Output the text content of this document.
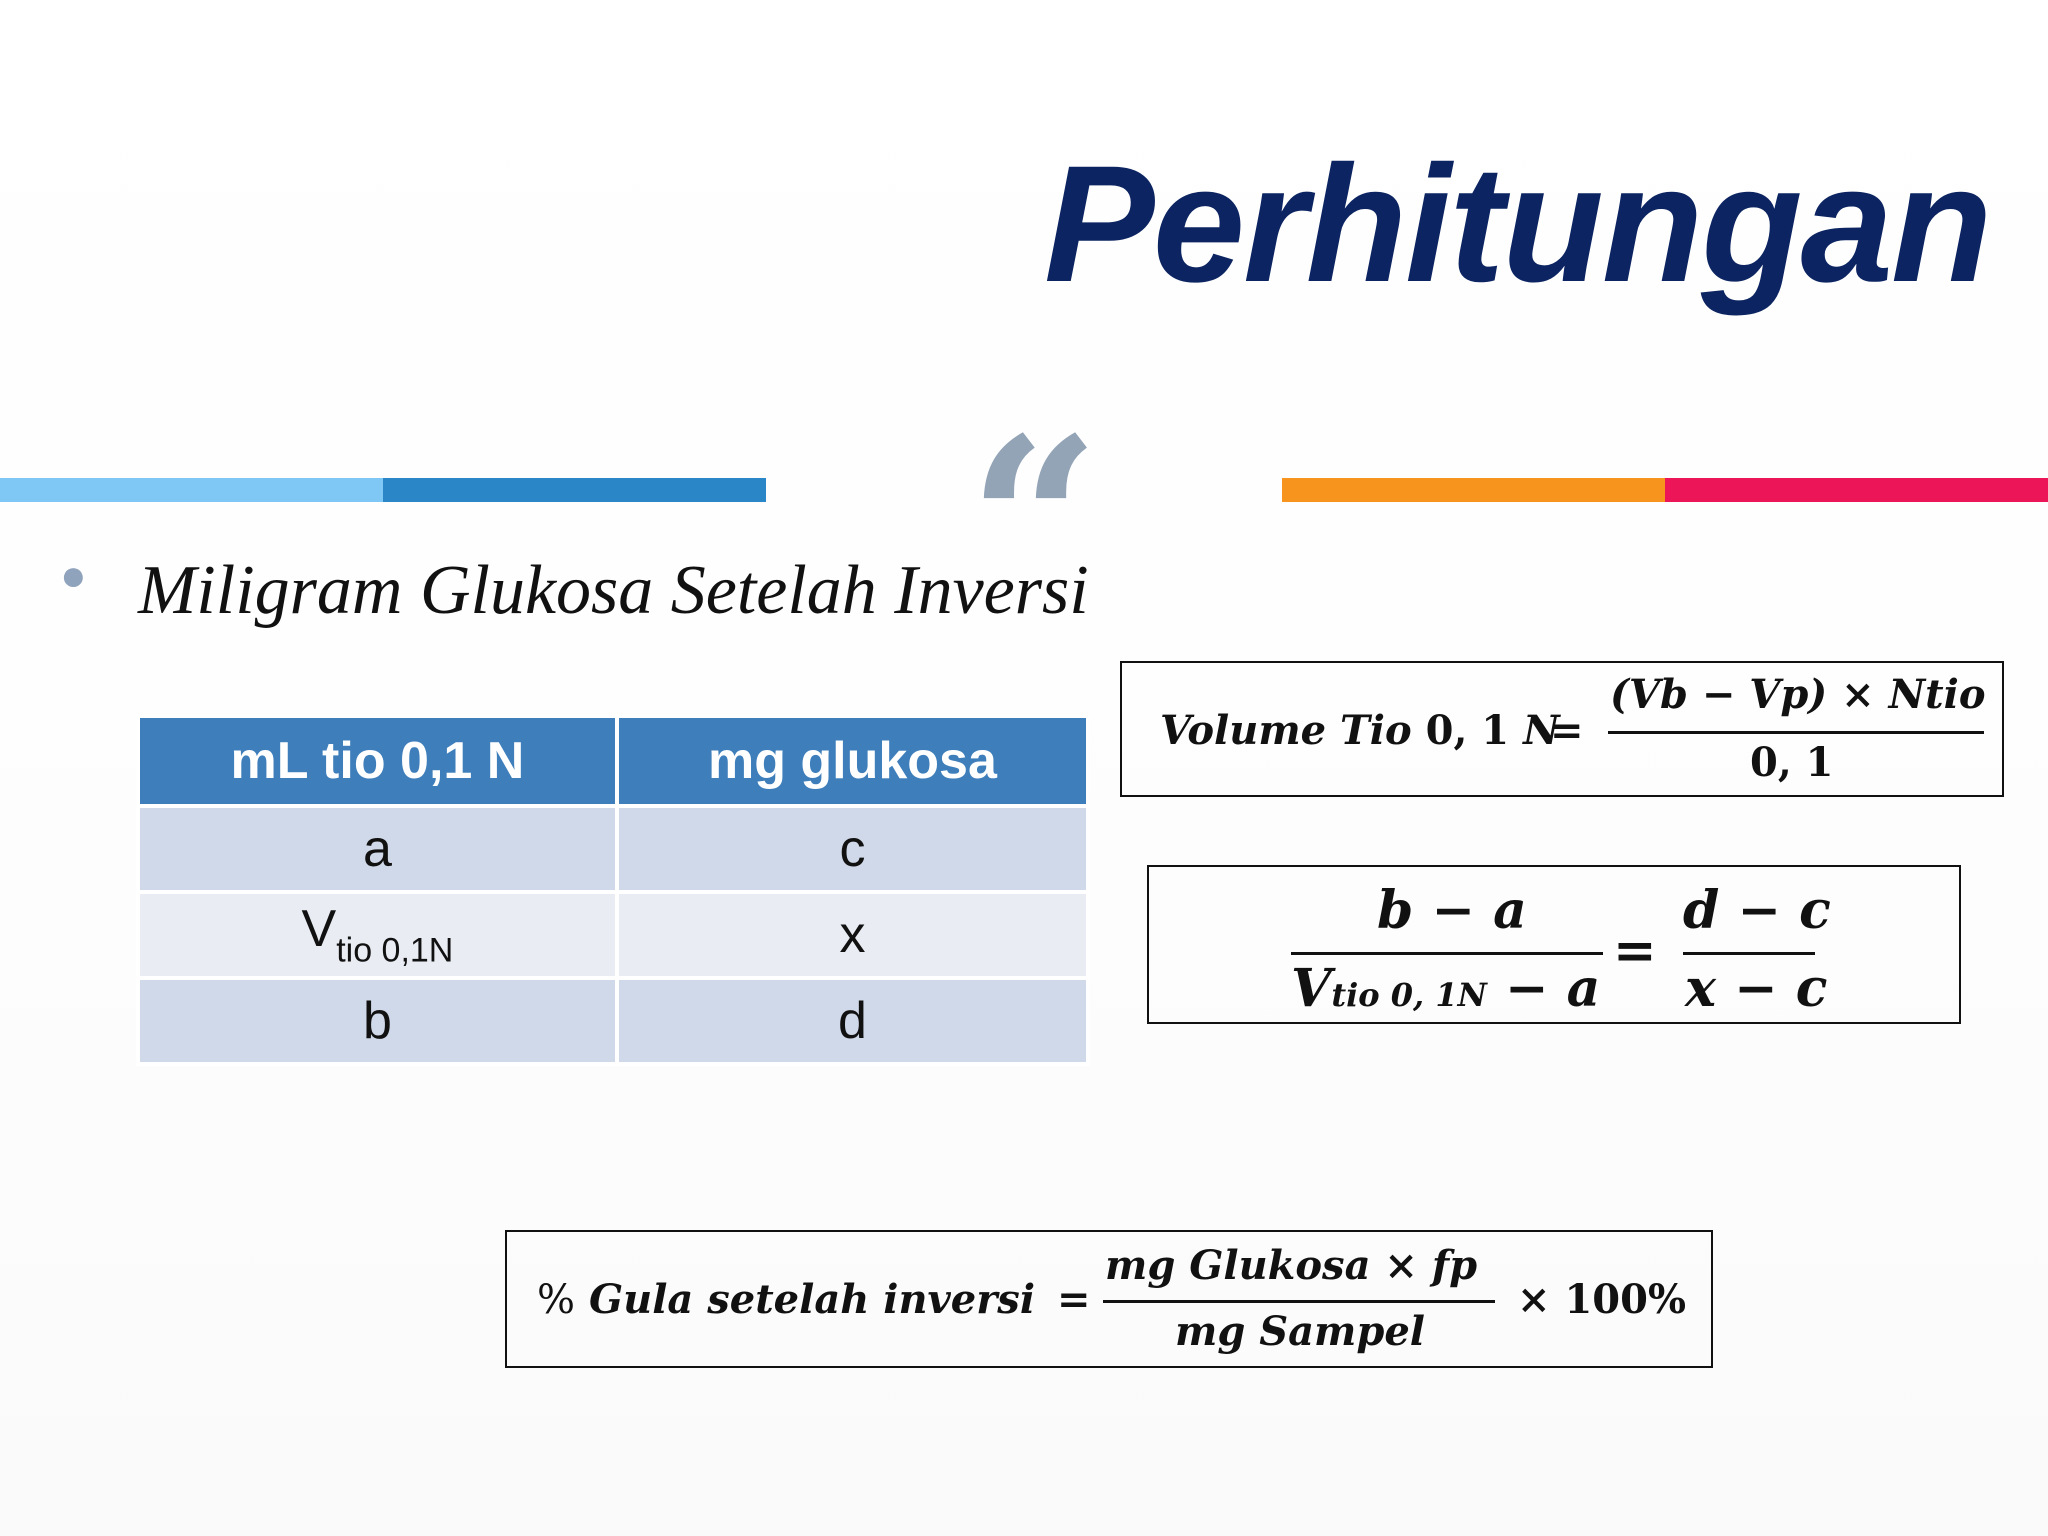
Perhitungan
“
● Miligram Glukosa Setelah Inversi
mL tio 0,1 N	mg glukosa
a	c
$V_{tio 0,1N}$	x
b	d
Volume Tio 0, 1 N
=
(Vb − Vp) × Ntio
0, 1
b − a
Vtio 0, 1N − a
=
d − c
x − c
% Gula setelah inversi =
mg Glukosa × fp
mg Sampel
× 100%
